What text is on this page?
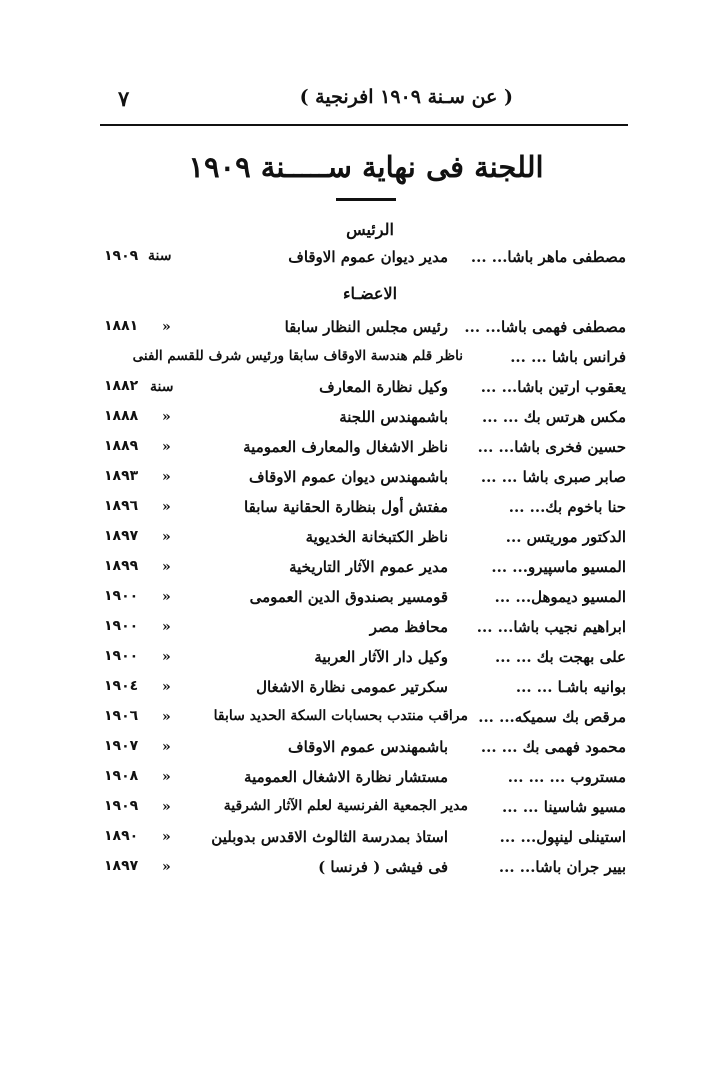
( عن سـنة ١٩٠٩ افرنجية )
٧
اللجنة فى نهاية ســـــنة ١٩٠٩
الرئيس
مصطفى ماهر باشا... ...
مدير ديوان عموم الاوقاف
سنة
١٩٠٩
الاعضـاء
مصطفى فهمى باشا... ...
رئيس مجلس النظار سابقا
«
١٨٨١
فرانس باشا ... ...
ناظر قلم هندسة الاوقاف سابقا ورئيس شرف للقسم الفنى
يعقوب ارتين باشا... ...
وكيل نظارة المعارف
سنة
١٨٨٢
مكس هرتس بك ... ...
باشمهندس اللجنة
«
١٨٨٨
حسين فخرى باشا... ...
ناظر الاشغال والمعارف العمومية
«
١٨٨٩
صابر صبرى باشا ... ...
باشمهندس ديوان عموم الاوقاف
«
١٨٩٣
حنا باخوم بك... ...
مفتش أول بنظارة الحقانية سابقا
«
١٨٩٦
الدكتور موريتس ...
ناظر الكتبخانة الخديوية
«
١٨٩٧
المسيو ماسپيرو... ...
مدير عموم الآثار التاريخية
«
١٨٩٩
المسيو ديموهل... ...
قومسير بصندوق الدين العمومى
«
١٩٠٠
ابراهيم نجيب باشا... ...
محافظ مصر
«
١٩٠٠
على بهجت بك ... ...
وكيل دار الآثار العربية
«
١٩٠٠
بوانيه باشـا ... ...
سكرتير عمومى نظارة الاشغال
«
١٩٠٤
مرقص بك سميكه... ...
مراقب منتدب بحسابات السكة الحديد سابقا
«
١٩٠٦
محمود فهمى بك ... ...
باشمهندس عموم الاوقاف
«
١٩٠٧
مستروب ... ... ...
مستشار نظارة الاشغال العمومية
«
١٩٠٨
مسيو شاسينا ... ...
مدير الجمعية الفرنسية لعلم الآثار الشرقية
«
١٩٠٩
استينلى لينپول... ...
استاذ بمدرسة الثالوث الاقدس بدوبلين
«
١٨٩٠
بيير جران باشا... ...
فى فيشى ( فرنسا )
«
١٨٩٧
